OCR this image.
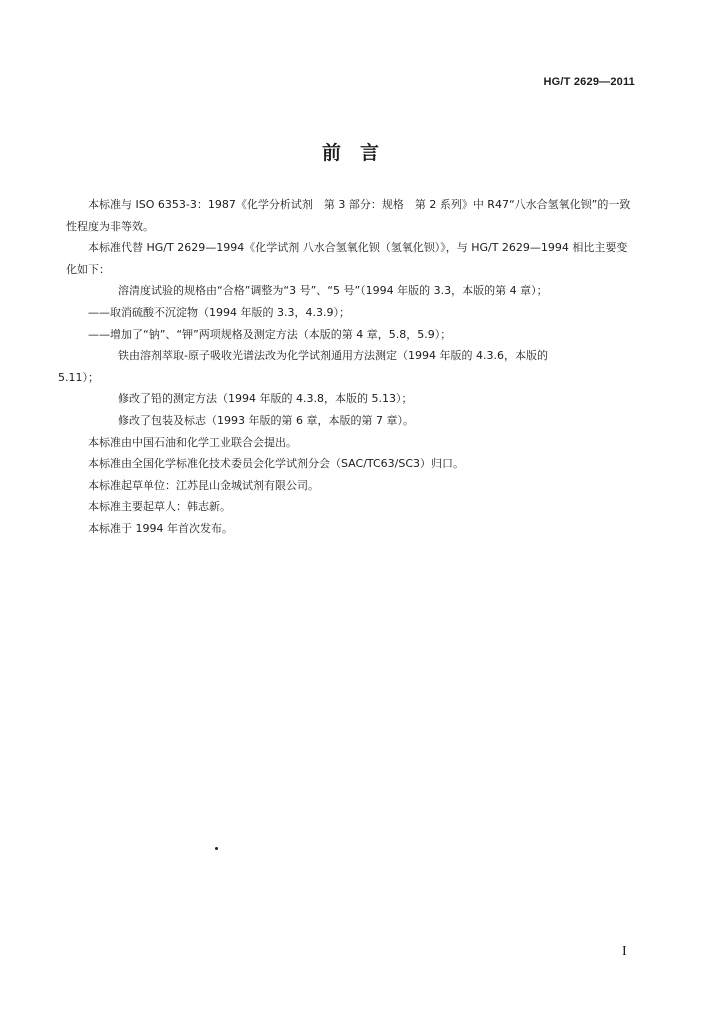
HG/T 2629—2011
前　言

本标准与 ISO 6353-3：1987《化学分析试剂　第 3 部分：规格　第 2 系列》中 R47“八水合氢氧化钡”的一致性程度为非等效。

本标准代替 HG/T 2629—1994《化学试剂 八水合氢氧化钡（氢氧化钡）》，与 HG/T 2629—1994 相比主要变化如下：

溶清度试验的规格由“合格”调整为“3 号”、“5 号”（1994 年版的 3.3，本版的第 4 章）；

——取消硫酸不沉淀物（1994 年版的 3.3，4.3.9）；

——增加了“钠”、“钾”两项规格及测定方法（本版的第 4 章，5.8，5.9）；

铁由溶剂萃取-原子吸收光谱法改为化学试剂通用方法测定（1994 年版的 4.3.6，本版的

5.11）；

修改了铅的测定方法（1994 年版的 4.3.8，本版的 5.13）；

修改了包装及标志（1993 年版的第 6 章，本版的第 7 章）。

本标准由中国石油和化学工业联合会提出。

本标准由全国化学标准化技术委员会化学试剂分会（SAC/TC63/SC3）归口。

本标准起草单位：江苏昆山金城试剂有限公司。

本标准主要起草人：韩志新。

本标准于 1994 年首次发布。

I
